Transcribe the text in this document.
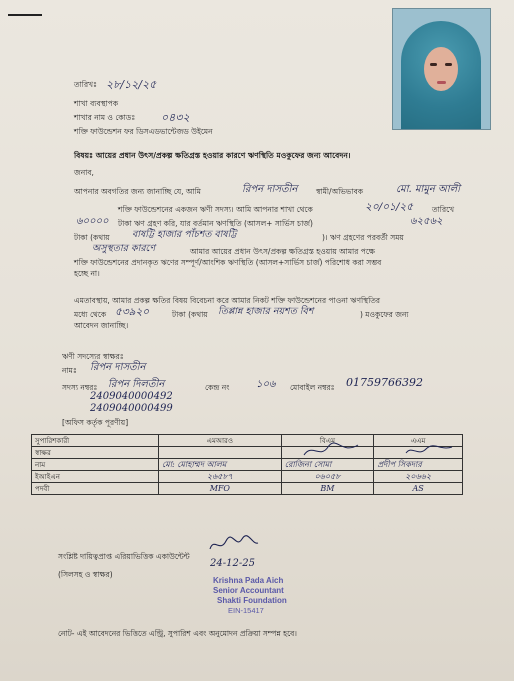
তারিখঃ ২৮/১২/২৫
শাখা ব্যবস্থাপক
শাখার নাম ও কোডঃ ০৪৩২
শক্তি ফাউন্ডেশন ফর ডিসএডভান্টেজড উইমেন
বিষয়ঃ আয়ের প্রধান উৎস/প্রকল্প ক্ষতিগ্রস্ত হওয়ার কারণে ঋণস্থিতি মওকুফের জন্য আবেদন।
জনাব,
আপনার অবগতির জন্য জানাচ্ছি যে, আমি	রিপন দাসতীন স্বামী/অভিভাবক	মো. মামুন আলী
শক্তি ফাউন্ডেশনের একজন ঋণী সদস্য। আমি আপনার শাখা থেকে	২০/০১/২৫	তারিখে
৬০০০০ টাকা ঋণ গ্রহণ করি, যার বর্তমান ঋণস্থিতি (আসল+ সার্ভিস চার্জ)	৬২৫৬২
টাকা (কথায় বাষট্টি হাজার পাঁচশত বাষট্টি	)। ঋণ গ্রহণের পরবর্তী সময়
অসুস্থতার কারণে	আমার আয়ের প্রধান উৎস/প্রকল্প ক্ষতিগ্রস্ত হওয়ায় আমার পক্ষে
শক্তি ফাউন্ডেশনের প্রদানকৃত ঋণের সম্পূর্ণ/আংশিক ঋণস্থিতি (আসল+সার্ভিস চার্জ) পরিশোধ করা সম্ভব
হচ্ছে না।
এমতাবস্থায়, আমার প্রকল্প ক্ষতির বিষয় বিবেচনা করে আমার নিকট শক্তি ফাউন্ডেশনের পাওনা ঋণস্থিতির
মধ্যে থেকে ৫৩৯২০	টাকা (কথায় তিপ্পান্ন হাজার নয়শত বিশ	) মওকুফের জন্য
আবেদন জানাচ্ছি।
ঋণী সদস্যের স্বাক্ষরঃ
নামঃ রিপন দাসতীন
সদস্য নম্বরঃ রিপন দিলতীন	কেন্দ্র নং	১০৬ মোবাইল নম্বরঃ 01759766392
2409040000492
2409040000499
[অফিস কর্তৃক পূরণীয়]
সুপারিশকারী	এমআরও	বিএম	এএম
স্বাক্ষর		

নাম	মো: মোহাম্মদ আলম	রোজিনা সোমা	প্রদীপ সিকদার
ইআইএন	২৬৫৮৭	০৬০৫৮	২০৬৬২
পদবী	MFO	BM	AS
সংশ্লিষ্ট দায়িত্বপ্রাপ্ত এরিয়াভিত্তিক একাউন্টেন্ট
(সিলসহ ও স্বাক্ষর)
24-12-25
Krishna Pada Aich
Senior Accountant
Shakti Foundation
EIN-15417
নোট- এই আবেদনের ভিত্তিতে এন্ট্রি, সুপারিশ এবং অনুমোদন প্রক্রিয়া সম্পন্ন হবে।
